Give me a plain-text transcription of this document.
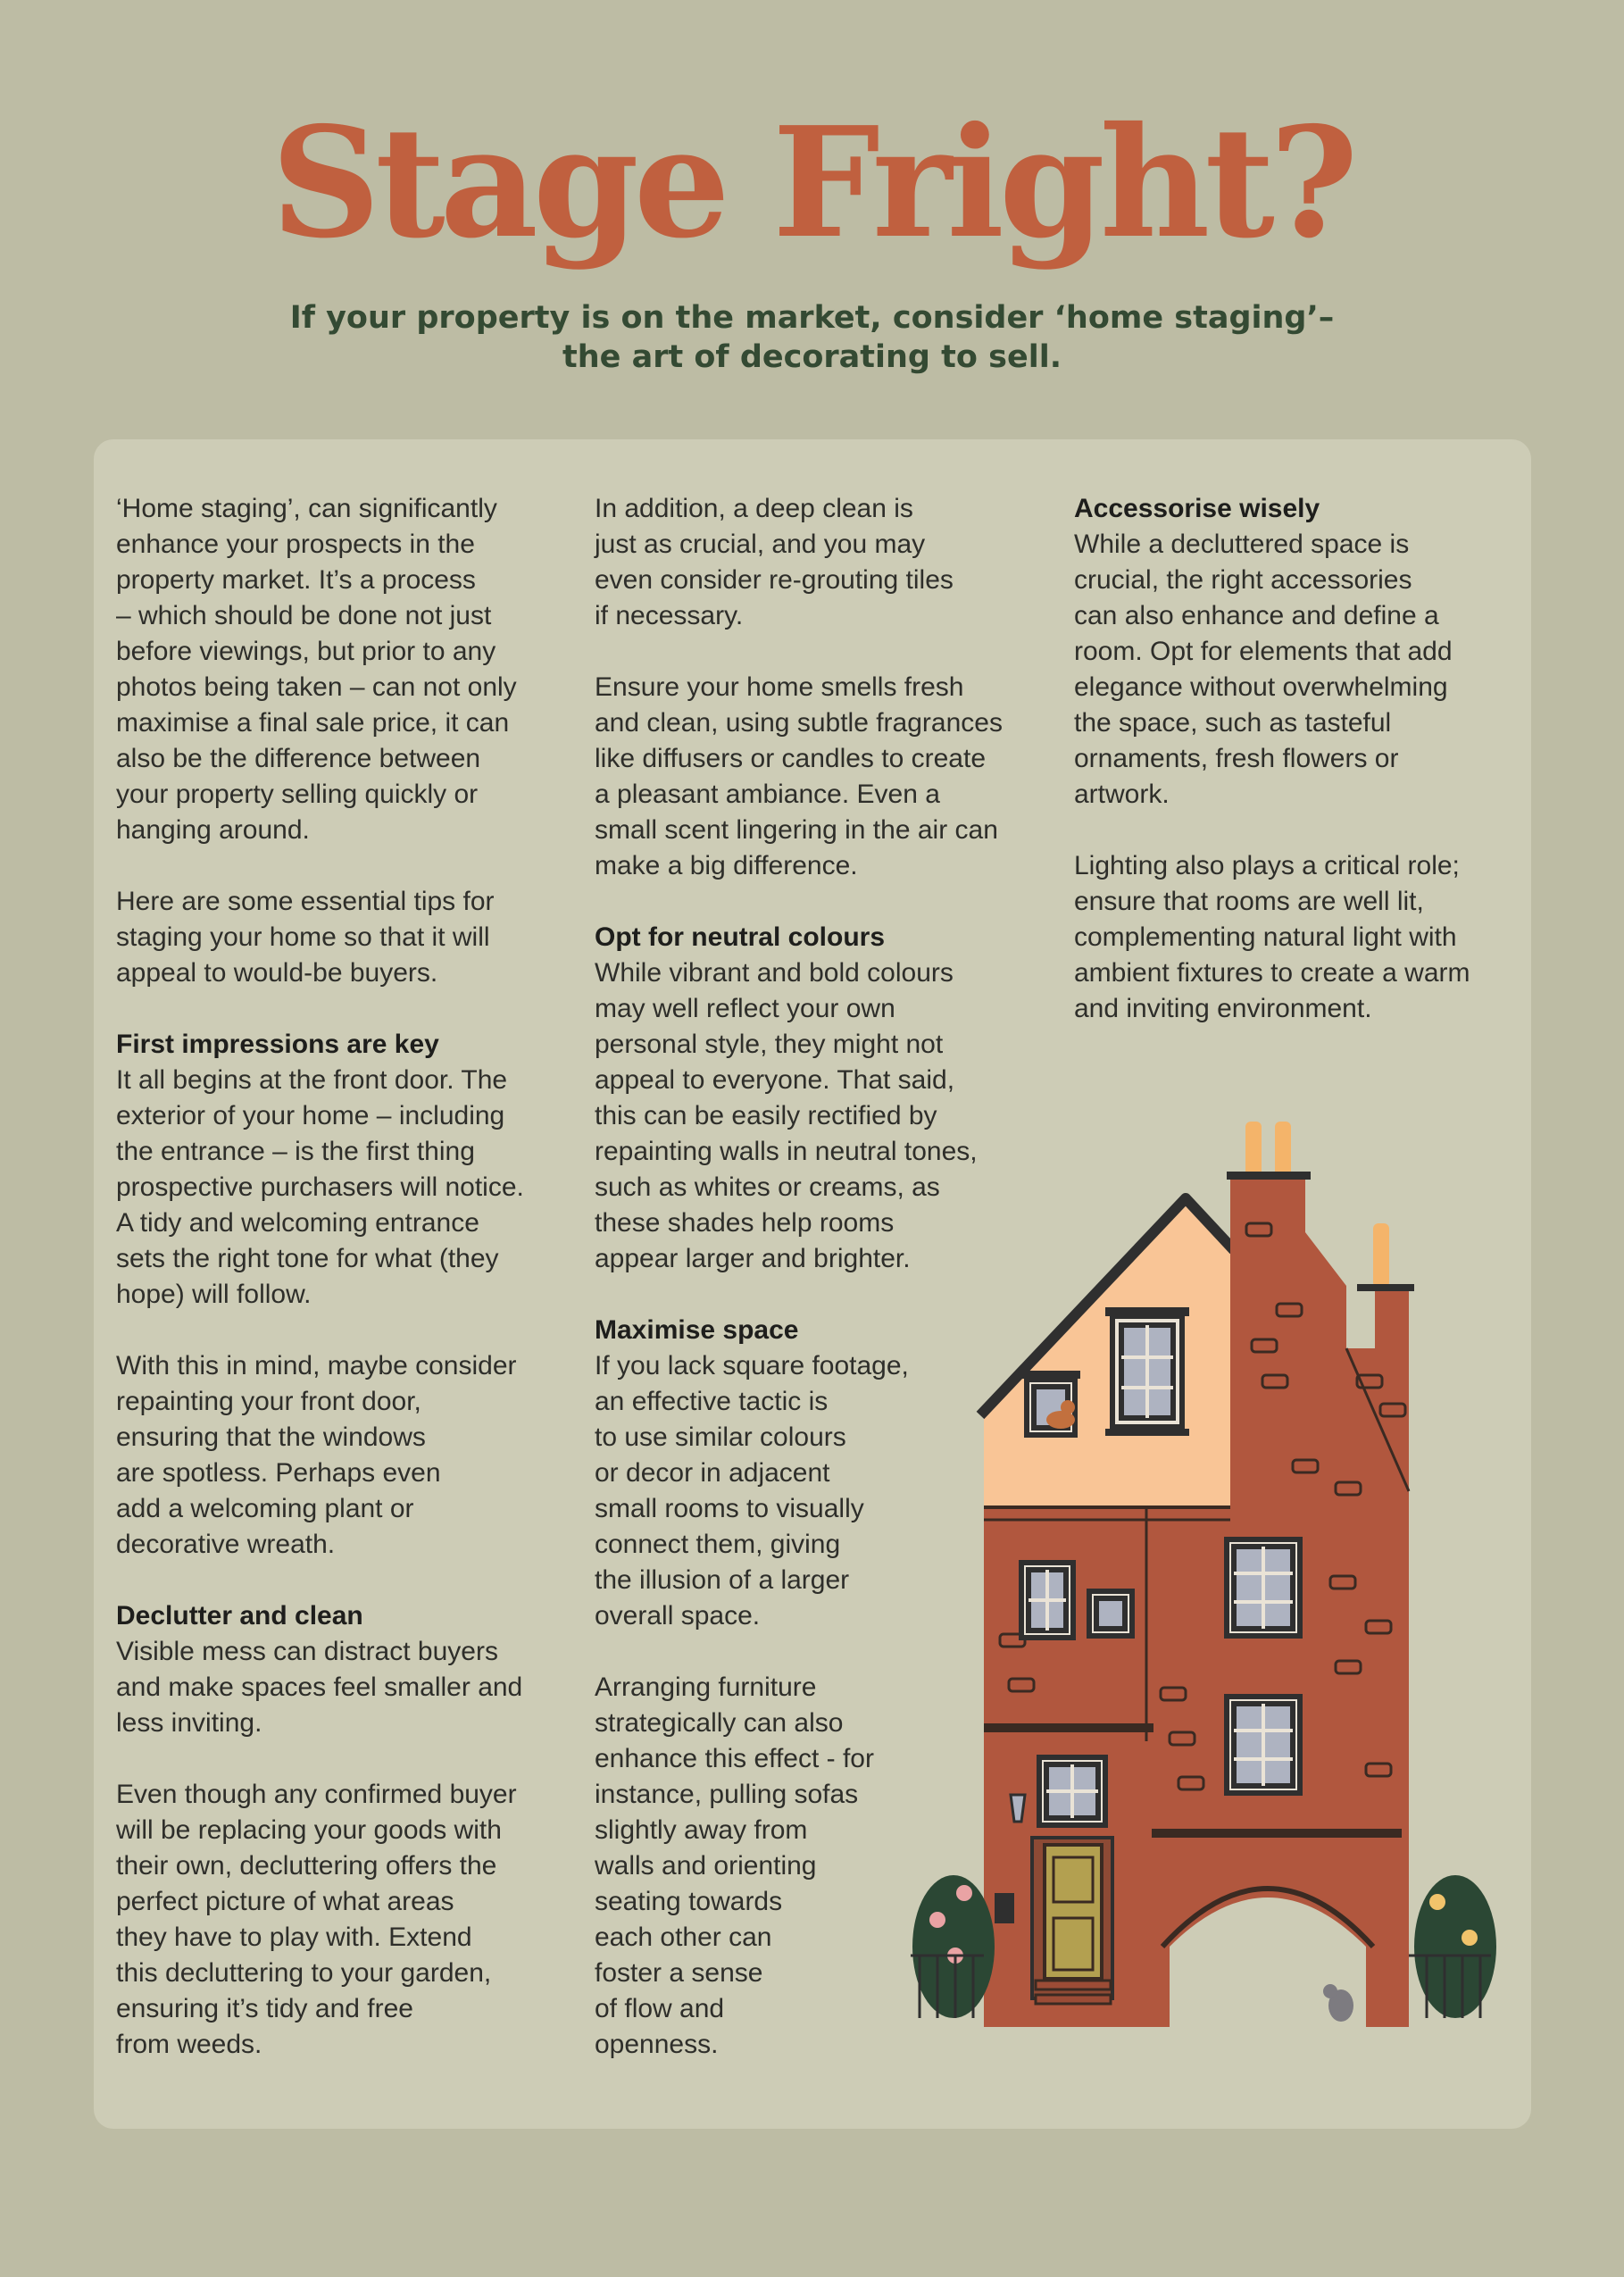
Stage Fright?
If your property is on the market, consider ‘home staging’–
the art of decorating to sell.

‘Home staging’, can significantly
enhance your prospects in the
property market. It’s a process
– which should be done not just
before viewings, but prior to any
photos being taken – can not only
maximise a final sale price, it can
also be the difference between
your property selling quickly or
hanging around.

Here are some essential tips for
staging your home so that it will
appeal to would-be buyers.

First impressions are key

It all begins at the front door. The
exterior of your home – including
the entrance – is the first thing
prospective purchasers will notice.
A tidy and welcoming entrance
sets the right tone for what (they
hope) will follow.

With this in mind, maybe consider
repainting your front door,
ensuring that the windows
are spotless. Perhaps even
add a welcoming plant or
decorative wreath.

Declutter and clean

Visible mess can distract buyers
and make spaces feel smaller and
less inviting.

Even though any confirmed buyer
will be replacing your goods with
their own, decluttering offers the
perfect picture of what areas
they have to play with. Extend
this decluttering to your garden,
ensuring it’s tidy and free
from weeds.

In addition, a deep clean is
just as crucial, and you may
even consider re-grouting tiles
if necessary.

Ensure your home smells fresh
and clean, using subtle fragrances
like diffusers or candles to create
a pleasant ambiance. Even a
small scent lingering in the air can
make a big difference.

Opt for neutral colours

While vibrant and bold colours
may well reflect your own
personal style, they might not
appeal to everyone. That said,
this can be easily rectified by
repainting walls in neutral tones,
such as whites or creams, as
these shades help rooms
appear larger and brighter.

Maximise space

If you lack square footage,
an effective tactic is
to use similar colours
or decor in adjacent
small rooms to visually
connect them, giving
the illusion of a larger
overall space.

Arranging furniture
strategically can also
enhance this effect - for
instance, pulling sofas
slightly away from
walls and orienting
seating towards
each other can
foster a sense
of flow and
openness.

Accessorise wisely

While a decluttered space is
crucial, the right accessories
can also enhance and define a
room. Opt for elements that add
elegance without overwhelming
the space, such as tasteful
ornaments, fresh flowers or
artwork.

Lighting also plays a critical role;
ensure that rooms are well lit,
complementing natural light with
ambient fixtures to create a warm
and inviting environment.
